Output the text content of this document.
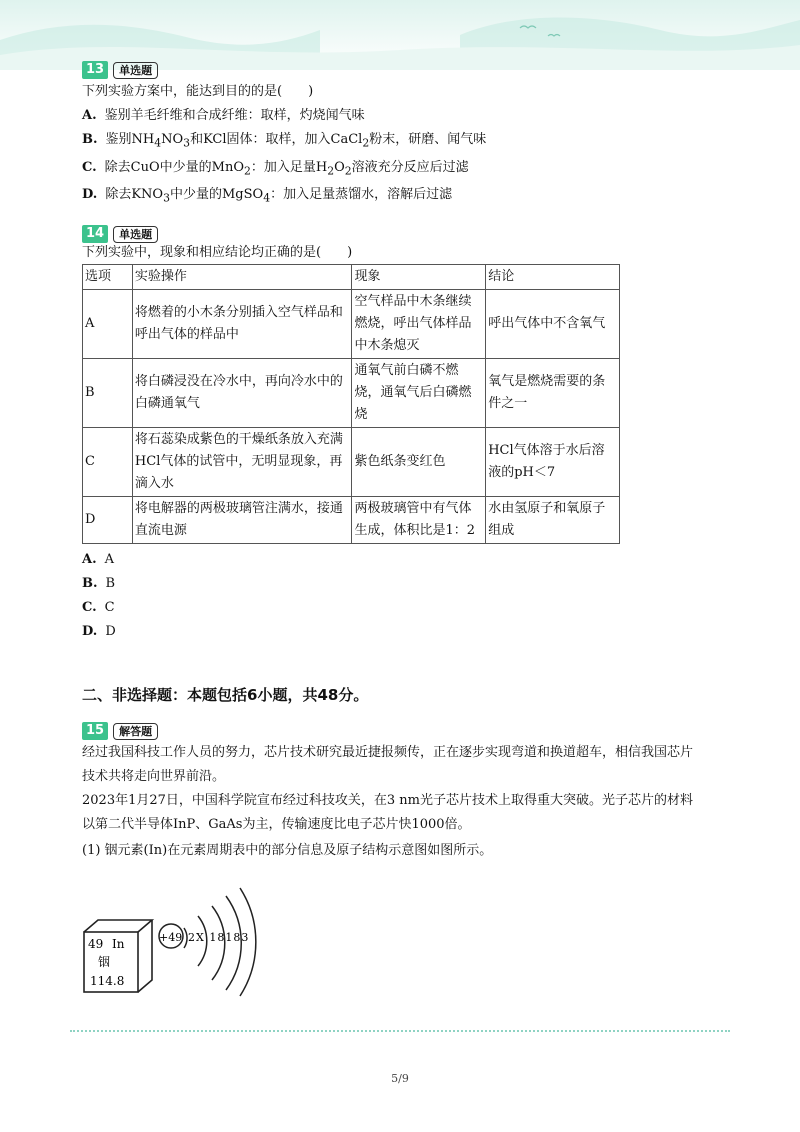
13	单选题
下列实验方案中，能达到目的的是(　　)
A. 鉴别羊毛纤维和合成纤维：取样，灼烧闻气味
B. 鉴别$NH_4NO_3$和KCl固体：取样，加入CaCl$_2$粉末，研磨、闻气味
C. 除去CuO中少量的MnO$_2$：加入足量$H_2O_2$溶液充分反应后过滤
D. 除去$KNO_3$中少量的MgSO$_4$：加入足量蒸馏水，溶解后过滤
14	单选题
下列实验中，现象和相应结论均正确的是(　　)
选项	实验操作	现象	结论
A	将燃着的小木条分别插入空气样品和呼出气体的样品中	空气样品中木条继续燃烧，呼出气体样品中木条熄灭	呼出气体中不含氧气
B	将白磷浸没在冷水中，再向冷水中的白磷通氧气	通氧气前白磷不燃烧，通氧气后白磷燃烧	氧气是燃烧需要的条件之一
C	将石蕊染成紫色的干燥纸条放入充满HCl气体的试管中，无明显现象，再滴入水	紫色纸条变红色	HCl气体溶于水后溶液的pH＜7
D	将电解器的两极玻璃管注满水，接通直流电源	两极玻璃管中有气体生成，体积比是1：2	水由氢原子和氧原子组成
A. A
B. B
C. C
D. D
二、非选择题：本题包括6小题，共48分。
15	解答题
经过我国科技工作人员的努力，芯片技术研究最近捷报频传，正在逐步实现弯道和换道超车，相信我国芯片技术共将走向世界前沿。
2023年1月27日，中国科学院宣布经过科技攻关，在3 nm光子芯片技术上取得重大突破。光子芯片的材料以第二代半导体InP、GaAs为主，传输速度比电子芯片快1000倍。
(1) 铟元素(In)在元素周期表中的部分信息及原子结构示意图如图所示。
49 In
铟
114.8
+49 2X 18183
5/9
